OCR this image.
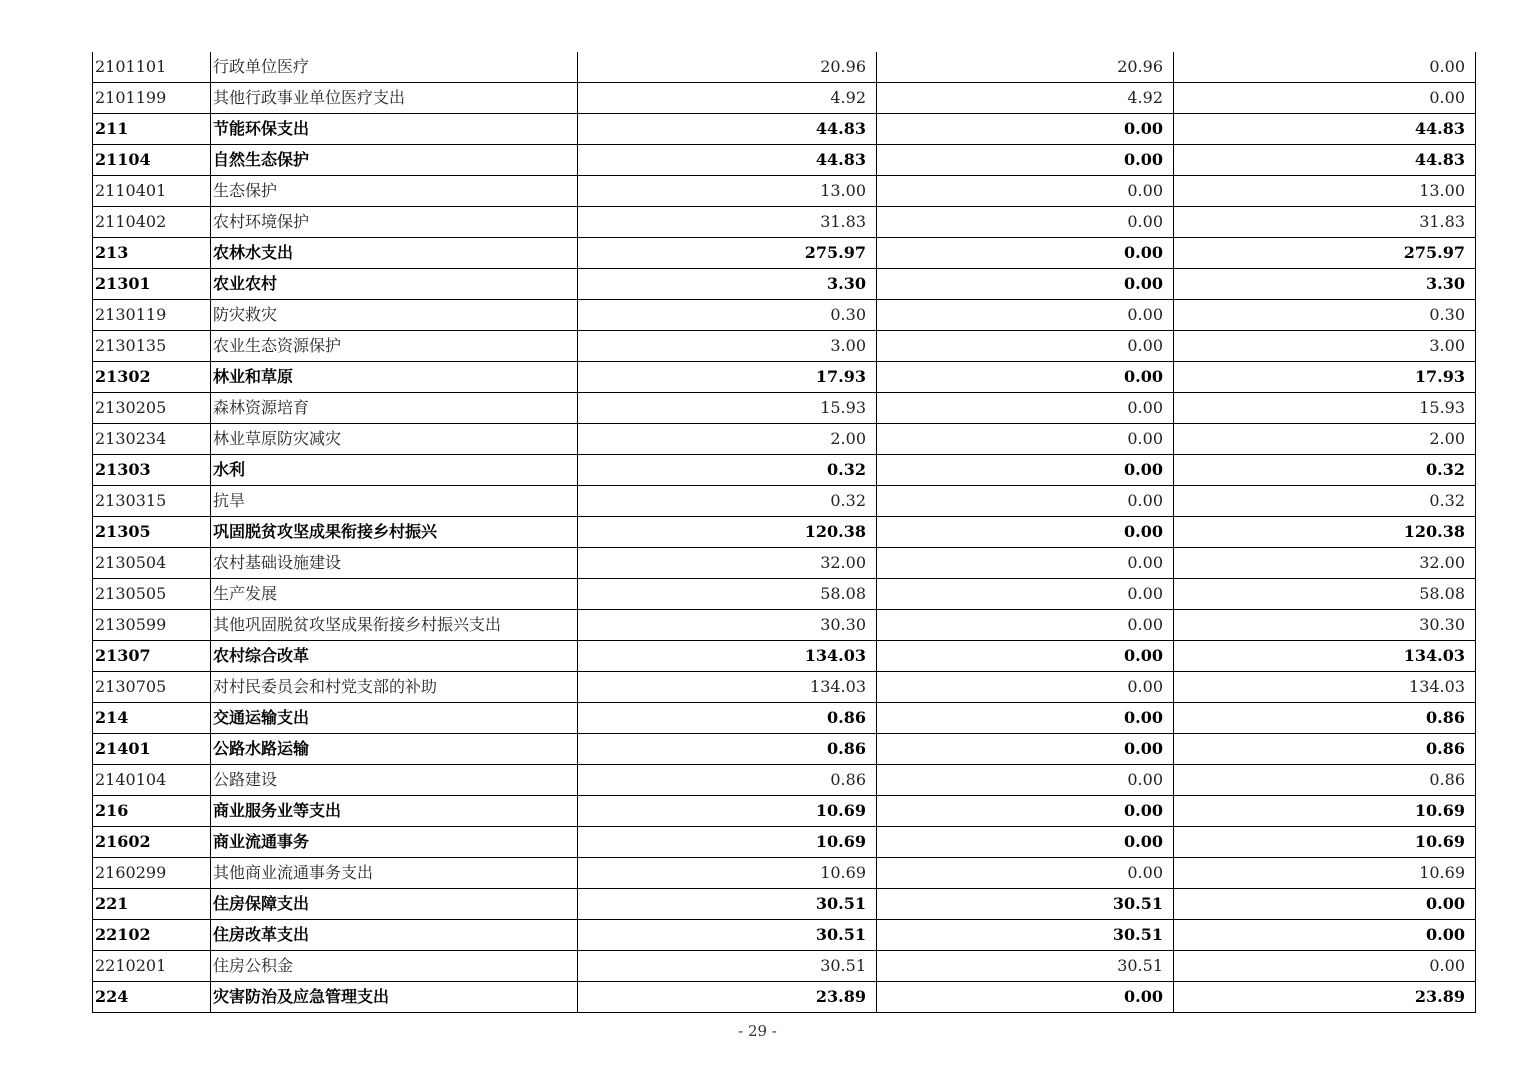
2101101	行政单位医疗	20.96	20.96	0.00
2101199	其他行政事业单位医疗支出	4.92	4.92	0.00
211	节能环保支出	44.83	0.00	44.83
21104	自然生态保护	44.83	0.00	44.83
2110401	生态保护	13.00	0.00	13.00
2110402	农村环境保护	31.83	0.00	31.83
213	农林水支出	275.97	0.00	275.97
21301	农业农村	3.30	0.00	3.30
2130119	防灾救灾	0.30	0.00	0.30
2130135	农业生态资源保护	3.00	0.00	3.00
21302	林业和草原	17.93	0.00	17.93
2130205	森林资源培育	15.93	0.00	15.93
2130234	林业草原防灾减灾	2.00	0.00	2.00
21303	水利	0.32	0.00	0.32
2130315	抗旱	0.32	0.00	0.32
21305	巩固脱贫攻坚成果衔接乡村振兴	120.38	0.00	120.38
2130504	农村基础设施建设	32.00	0.00	32.00
2130505	生产发展	58.08	0.00	58.08
2130599	其他巩固脱贫攻坚成果衔接乡村振兴支出	30.30	0.00	30.30
21307	农村综合改革	134.03	0.00	134.03
2130705	对村民委员会和村党支部的补助	134.03	0.00	134.03
214	交通运输支出	0.86	0.00	0.86
21401	公路水路运输	0.86	0.00	0.86
2140104	公路建设	0.86	0.00	0.86
216	商业服务业等支出	10.69	0.00	10.69
21602	商业流通事务	10.69	0.00	10.69
2160299	其他商业流通事务支出	10.69	0.00	10.69
221	住房保障支出	30.51	30.51	0.00
22102	住房改革支出	30.51	30.51	0.00
2210201	住房公积金	30.51	30.51	0.00
224	灾害防治及应急管理支出	23.89	0.00	23.89
- 29 -
